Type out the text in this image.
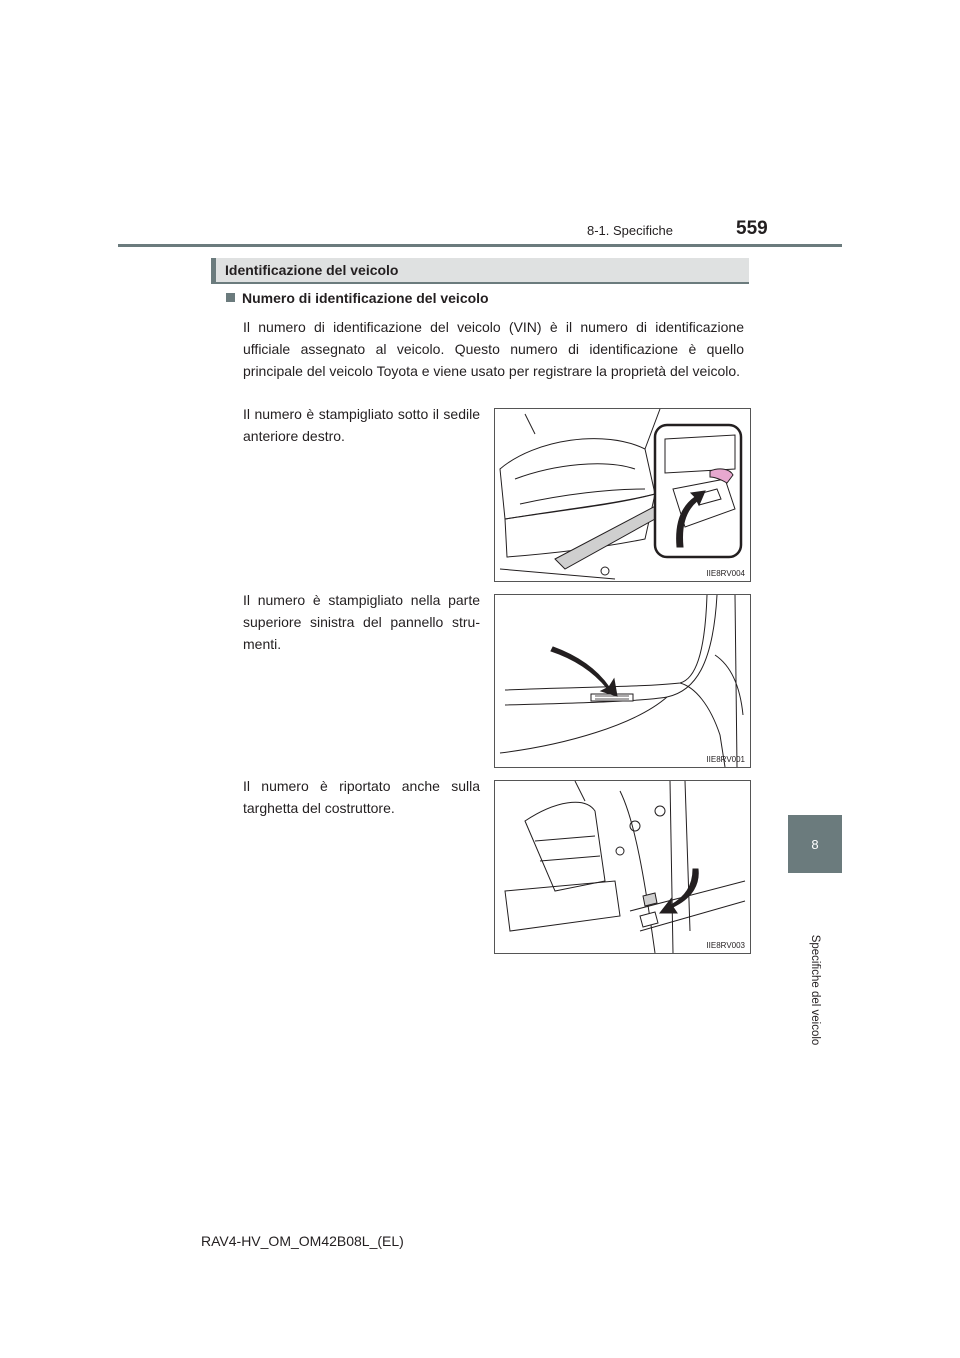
8-1. Specifiche	559
8
Specifiche del veicolo
Identificazione del veicolo
Numero di identificazione del veicolo
Il numero di identificazione del veicolo (VIN) è il numero di identificazione ufficiale assegnato al veicolo. Questo numero di identificazione è quello principale del veicolo Toyota e viene usato per registrare la proprietà del veicolo.
Il numero è stampigliato sotto il sedile anteriore destro.
IIE8RV004
Il numero è stampigliato nella parte superiore sinistra del pannello stru-menti.
IIE8RV001
Il numero è riportato anche sulla targhetta del costruttore.
IIE8RV003
RAV4-HV_OM_OM42B08L_(EL)
